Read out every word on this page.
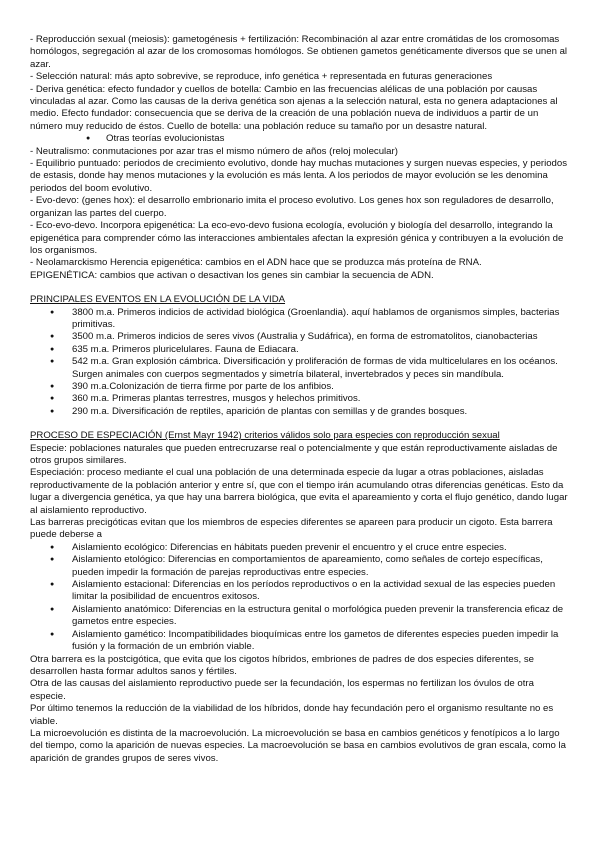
- Reproducción sexual (meiosis): gametogénesis + fertilización: Recombinación al azar entre cromátidas de los cromosomas homólogos, segregación al azar de los cromosomas homólogos. Se obtienen gametos genéticamente diversos que se unen al azar.

- Selección natural: más apto sobrevive, se reproduce, info genética + representada en futuras generaciones

- Deriva genética: efecto fundador y cuellos de botella: Cambio en las frecuencias alélicas de una población por causas vinculadas al azar. Como las causas de la deriva genética son ajenas a la selección natural, esta no genera adaptaciones al medio. Efecto fundador: consecuencia que se deriva de la creación de una población nueva de individuos a partir de un número muy reducido de éstos. Cuello de botella: una población reduce su tamaño por un desastre natural.

● Otras teorías evolucionistas

- Neutralismo: conmutaciones por azar tras el mismo número de años (reloj molecular)

- Equilibrio puntuado: periodos de crecimiento evolutivo, donde hay muchas mutaciones y surgen nuevas especies, y periodos de estasis, donde hay menos mutaciones y la evolución es más lenta. A los periodos de mayor evolución se les denomina periodos del boom evolutivo.

- Evo-devo: (genes hox): el desarrollo embrionario imita el proceso evolutivo. Los genes hox son reguladores de desarrollo, organizan las partes del cuerpo.

- Eco-evo-devo. Incorpora epigenética: La eco-evo-devo fusiona ecología, evolución y biología del desarrollo, integrando la epigenética para comprender cómo las interacciones ambientales afectan la expresión génica y contribuyen a la evolución de los organismos.

- Neolamarckismo Herencia epigenética: cambios en el ADN hace que se produzca más proteína de RNA.

EPIGENÉTICA: cambios que activan o desactivan los genes sin cambiar la secuencia de ADN.

PRINCIPALES EVENTOS EN LA EVOLUCIÓN DE LA VIDA

● 3800 m.a. Primeros indicios de actividad biológica (Groenlandia). aquí hablamos de organismos simples, bacterias primitivas.
● 3500 m.a. Primeros indicios de seres vivos (Australia y Sudáfrica), en forma de estromatolitos, cianobacterias
● 635 m.a. Primeros pluricelulares. Fauna de Ediacara.
● 542 m.a. Gran explosión cámbrica. Diversificación y proliferación de formas de vida multicelulares en los océanos. Surgen animales con cuerpos segmentados y simetría bilateral, invertebrados y peces sin mandíbula.
● 390 m.a.Colonización de tierra firme por parte de los anfibios.
● 360 m.a. Primeras plantas terrestres, musgos y helechos primitivos.
● 290 m.a. Diversificación de reptiles, aparición de plantas con semillas y de grandes bosques.

PROCESO DE ESPECIACIÓN (Ernst Mayr 1942) criterios válidos solo para especies con reproducción sexual

Especie: poblaciones naturales que pueden entrecruzarse real o potencialmente y que están reproductivamente aisladas de otros grupos similares.

Especiación: proceso mediante el cual una población de una determinada especie da lugar a otras poblaciones, aisladas reproductivamente de la población anterior y entre sí, que con el tiempo irán acumulando otras diferencias genéticas. Esto da lugar a divergencia genética, ya que hay una barrera biológica, que evita el apareamiento y corta el flujo genético, dando lugar al aislamiento reproductivo.

Las barreras precigóticas evitan que los miembros de especies diferentes se apareen para producir un cigoto. Esta barrera puede deberse a

● Aislamiento ecológico: Diferencias en hábitats pueden prevenir el encuentro y el cruce entre especies.
● Aislamiento etológico: Diferencias en comportamientos de apareamiento, como señales de cortejo específicas, pueden impedir la formación de parejas reproductivas entre especies.
● Aislamiento estacional: Diferencias en los períodos reproductivos o en la actividad sexual de las especies pueden limitar la posibilidad de encuentros exitosos.
● Aislamiento anatómico: Diferencias en la estructura genital o morfológica pueden prevenir la transferencia eficaz de gametos entre especies.
● Aislamiento gamético: Incompatibilidades bioquímicas entre los gametos de diferentes especies pueden impedir la fusión y la formación de un embrión viable.

Otra barrera es la postcigótica, que evita que los cigotos híbridos, embriones de padres de dos especies diferentes, se desarrollen hasta formar adultos sanos y fértiles.

Otra de las causas del aislamiento reproductivo puede ser la fecundación, los espermas no fertilizan los óvulos de otra especie.

Por último tenemos la reducción de la viabilidad de los híbridos, donde hay fecundación pero el organismo resultante no es viable.

La microevolución es distinta de la macroevolución. La microevolución se basa en cambios genéticos y fenotípicos a lo largo del tiempo, como la aparición de nuevas especies. La macroevolución se basa en cambios evolutivos de gran escala, como la aparición de grandes grupos de seres vivos.
